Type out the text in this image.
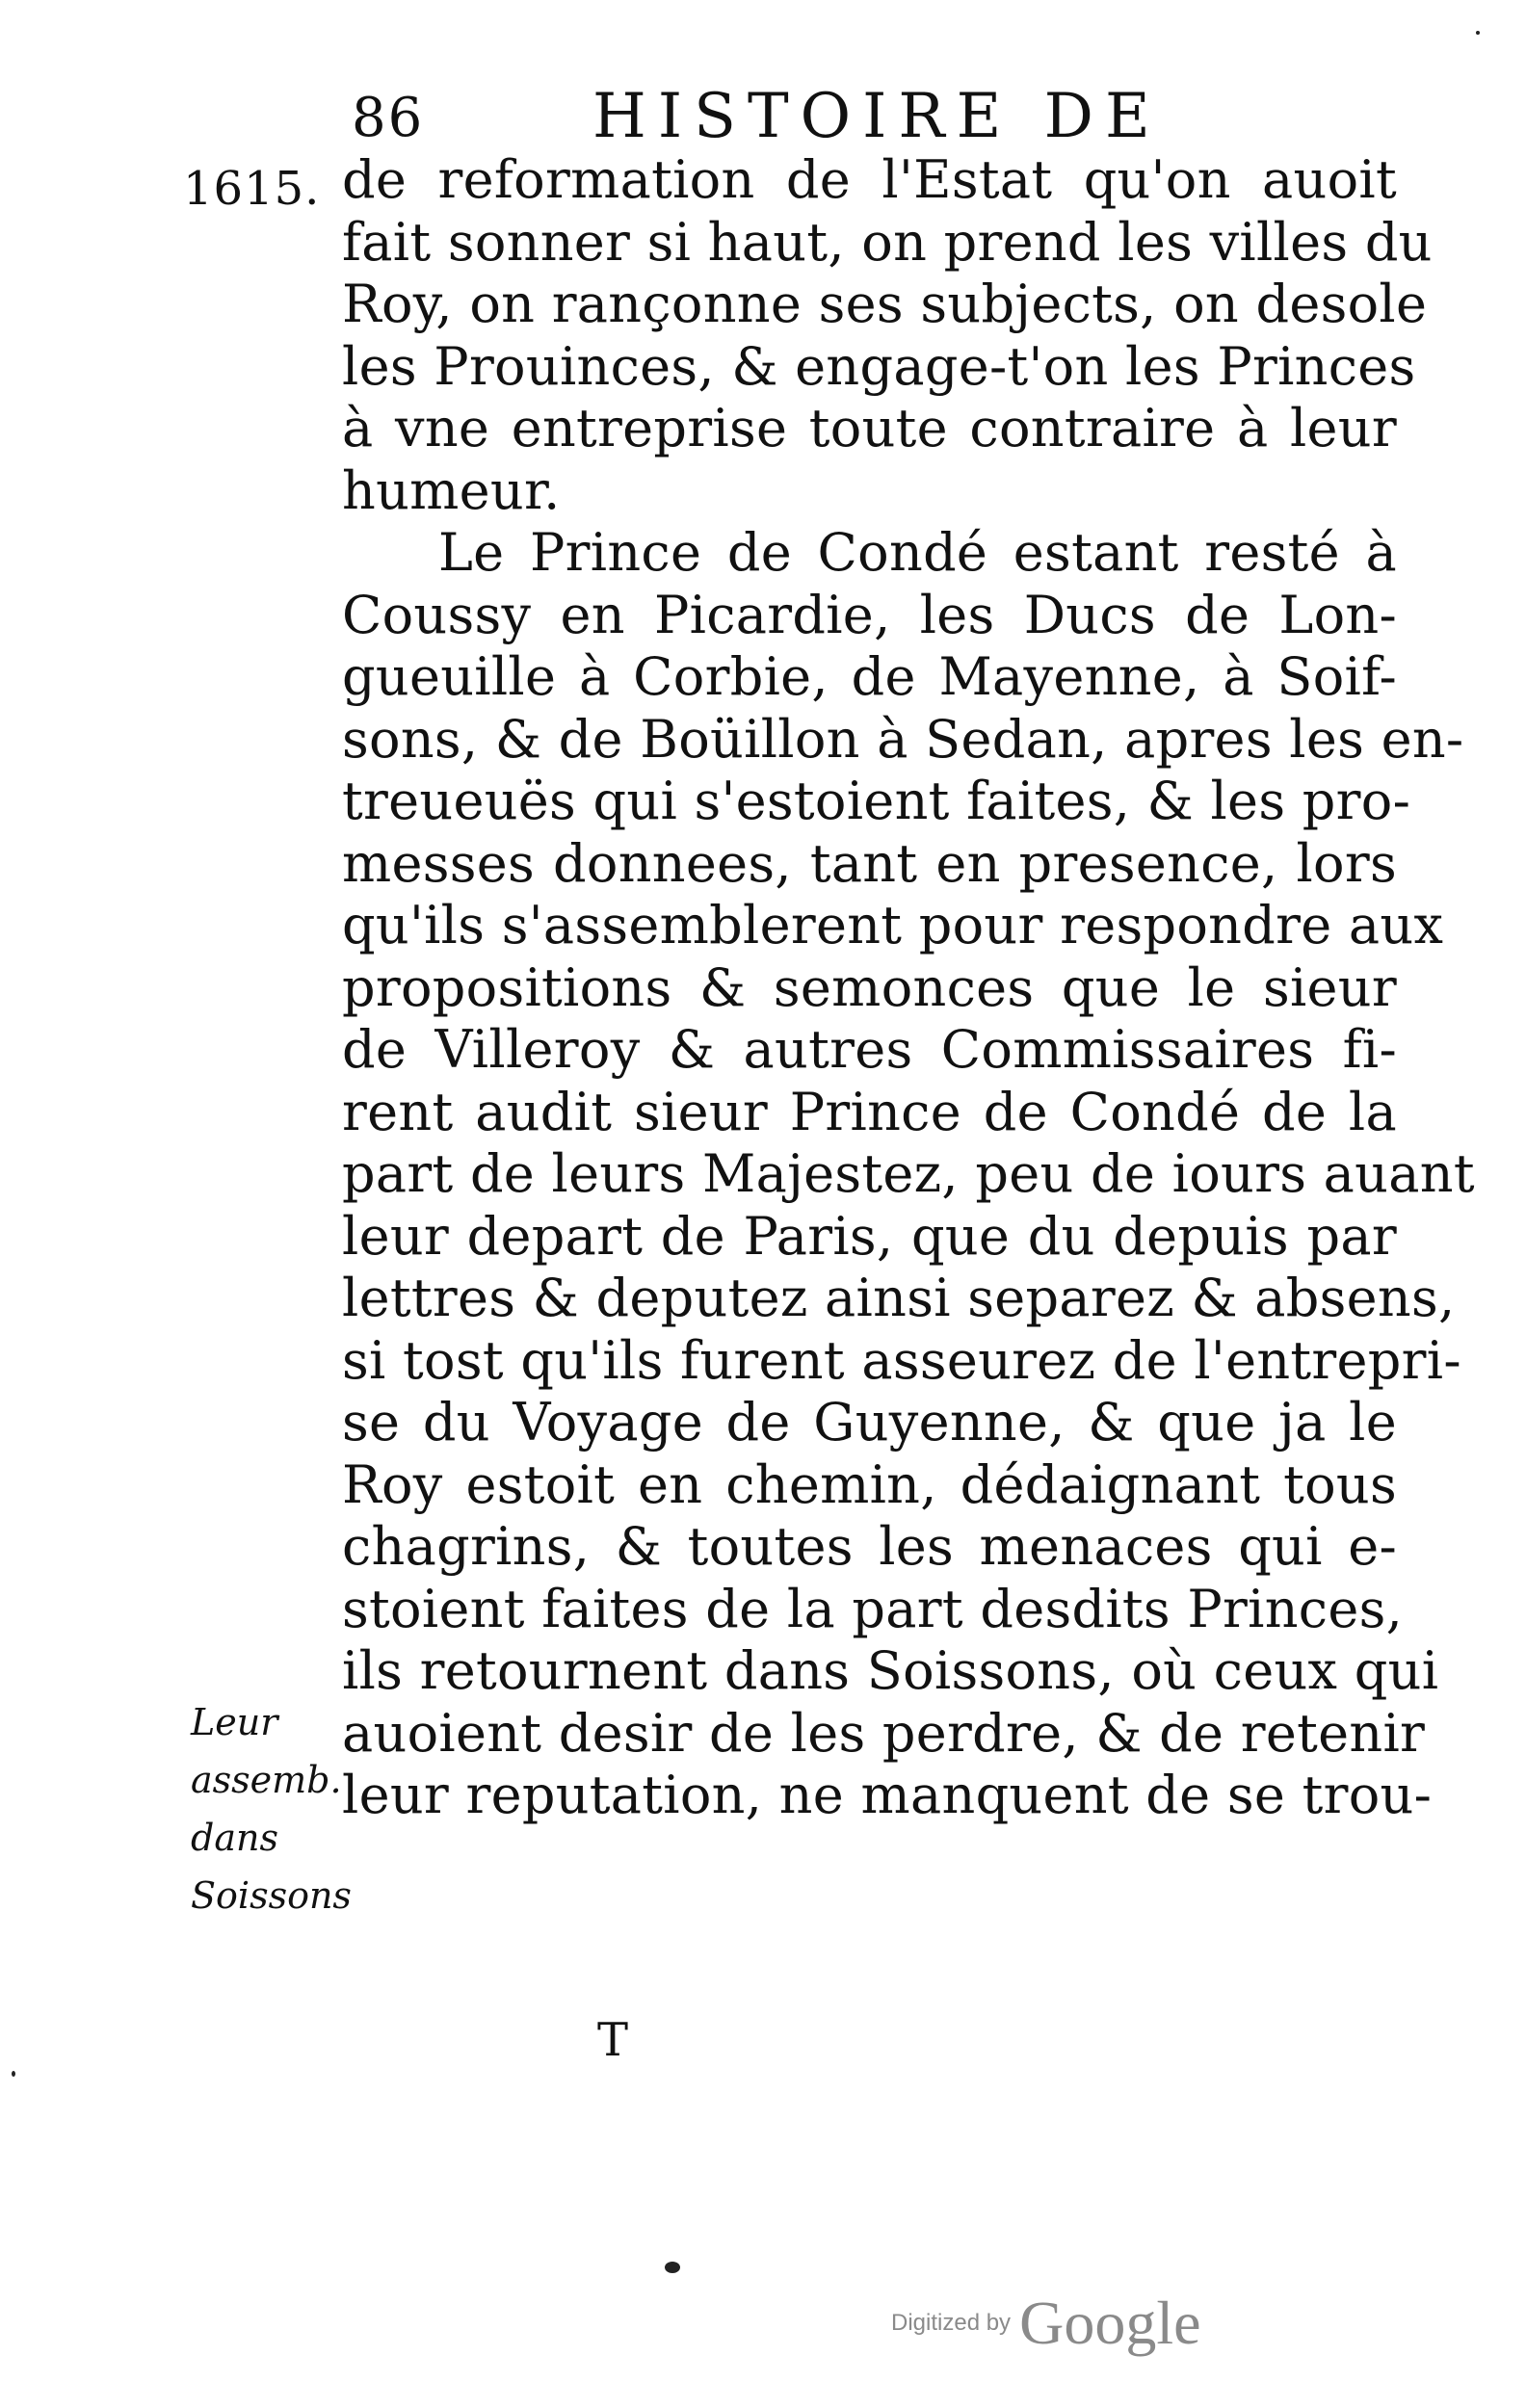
86	HISTOIRE DE
1615. de reformation de l'Estat qu'on auoit
fait sonner si haut, on prend les villes du
Roy, on rançonne ses subjects, on desole
les Prouinces, & engage-t'on les Princes
à vne entreprise toute contraire à leur
humeur.
Le Prince de Condé estant resté à
Coussy en Picardie, les Ducs de Lon-
gueuille à Corbie, de Mayenne, à Soif-
sons, & de Boüillon à Sedan, apres les en-
treueuës qui s'estoient faites, & les pro-
messes donnees, tant en presence, lors
qu'ils s'assemblerent pour respondre aux
propositions & semonces que le sieur
de Villeroy & autres Commissaires fi-
rent audit sieur Prince de Condé de la
part de leurs Majestez, peu de iours auant
leur depart de Paris, que du depuis par
lettres & deputez ainsi separez & absens,
si tost qu'ils furent asseurez de l'entrepri-
se du Voyage de Guyenne, & que ja le
Roy estoit en chemin, dédaignant tous
chagrins, & toutes les menaces qui e-
stoient faites de la part desdits Princes,
ils retournent dans Soissons, où ceux qui
auoient desir de les perdre, & de retenir
leur reputation, ne manquent de se trou-
Leur
assemb.
dans
Soissons
T
Digitized by Google
